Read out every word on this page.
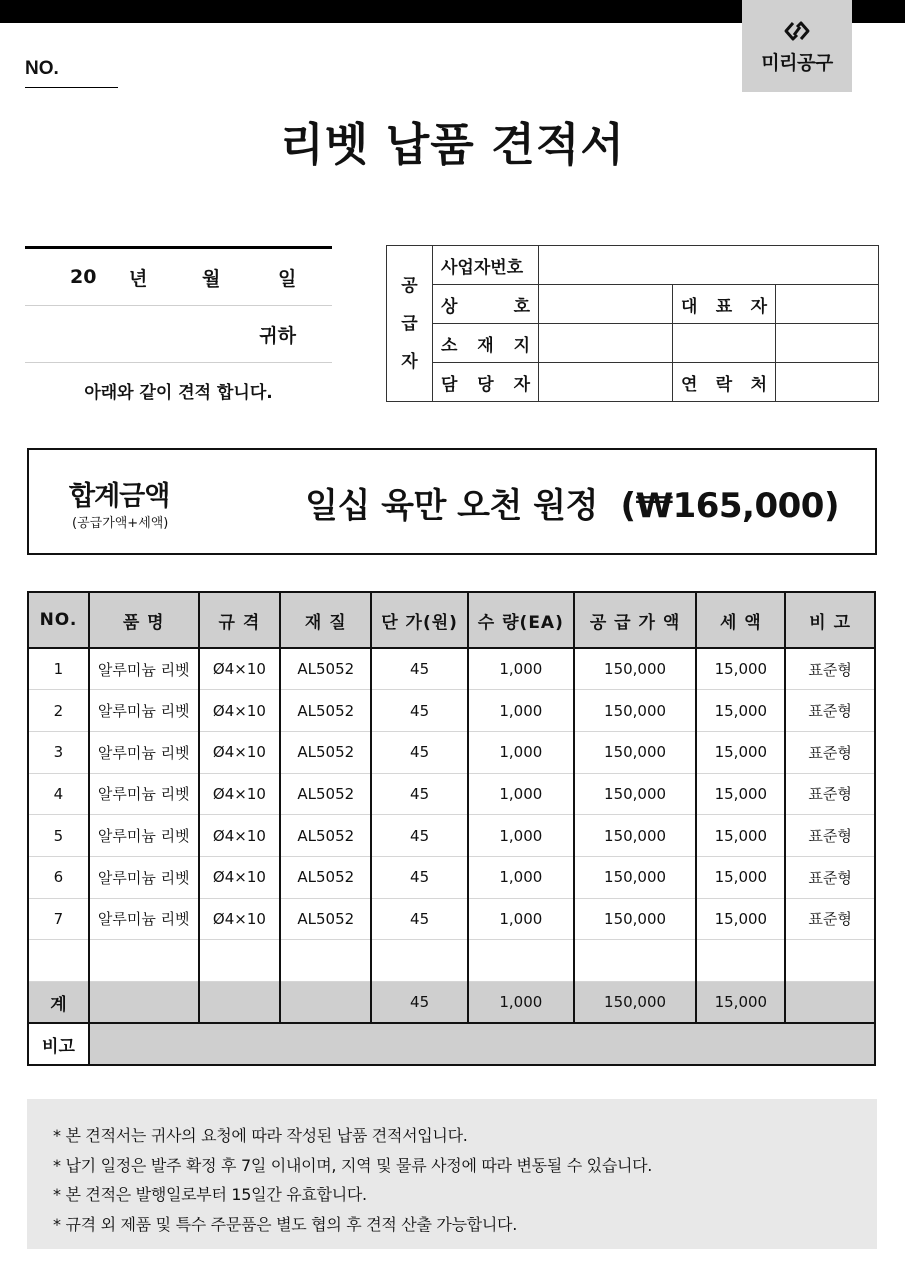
미리공구
NO.
리벳 납품 견적서
20 년	월	일
귀하
아래와 같이 견적 합니다.
공
급
자	사업자번호			

	상 호		대 표 자	

	소 재 지			

	담 당 자		연 락 처	

합계금액
(공급가액+세액)	일십 육만 오천 원정  (₩165,000)
NO.	품 명	규 격	재 질	단 가(원)	수 량(EA)	공 급 가 액	세 액	비 고
1	알루미늄 리벳	Ø4×10	AL5052	45	1,000	150,000	15,000	표준형
2	알루미늄 리벳	Ø4×10	AL5052	45	1,000	150,000	15,000	표준형
3	알루미늄 리벳	Ø4×10	AL5052	45	1,000	150,000	15,000	표준형
4	알루미늄 리벳	Ø4×10	AL5052	45	1,000	150,000	15,000	표준형
5	알루미늄 리벳	Ø4×10	AL5052	45	1,000	150,000	15,000	표준형
6	알루미늄 리벳	Ø4×10	AL5052	45	1,000	150,000	15,000	표준형
7	알루미늄 리벳	Ø4×10	AL5052	45	1,000	150,000	15,000	표준형

계				45	1,000	150,000	15,000	
비고								

* 본 견적서는 귀사의 요청에 따라 작성된 납품 견적서입니다.

* 납기 일정은 발주 확정 후 7일 이내이며, 지역 및 물류 사정에 따라 변동될 수 있습니다.

* 본 견적은 발행일로부터 15일간 유효합니다.

* 규격 외 제품 및 특수 주문품은 별도 협의 후 견적 산출 가능합니다.
